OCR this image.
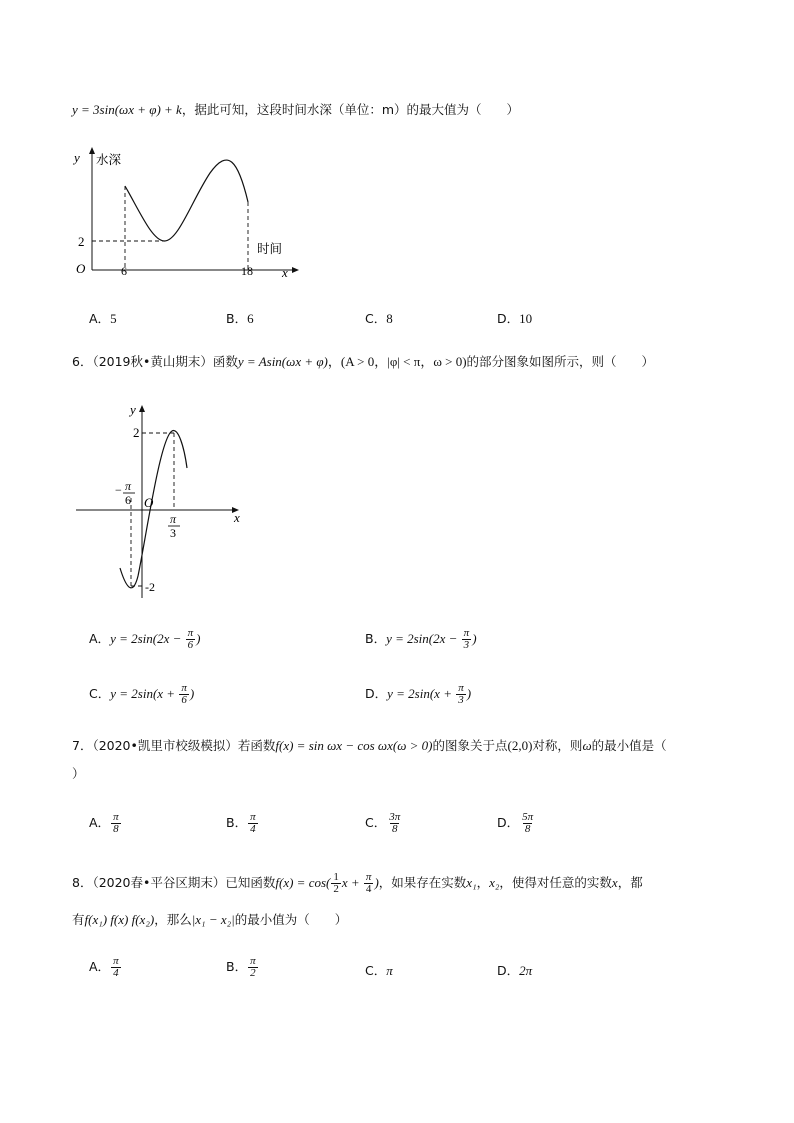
y = 3sin(ωx + φ) + k，据此可知，这段时间水深（单位：m）的最大值为（　　）
y 水深
O
2
6	18
时间
x
A．5	B．6	C．8	D．10
6．（2019秋•黄山期末）函数y = Asin(ωx + φ)，(A > 0，|φ| < π，ω > 0)的部分图象如图所示，则（　　）
y
2
-2
O
x
− π
6
π
3
A．$y = 2\sin(2x - \frac{\pi}{6}$ )	B．$y = 2\sin(2x - \frac{\pi}{3}$ )
C．$y = 2\sin(x + \frac{\pi}{6}$ )	D．$y = 2\sin(x + \frac{\pi}{3}$ )
7．（2020•凯里市校级模拟）若函数f(x) = sin ωx − cos ωx(ω > 0)的图象关于点(2,0)对称，则ω的最小值是（
）
A． $\frac{\pi}{8}$	B． $\frac{\pi}{4}$	C． $\frac{3\pi}{8}$	D． $\frac{5\pi}{8}$
8．（2020春•平谷区期末）已知函数$f(x) = \cos( \frac{1}{2}$ $x + \frac{\pi}{4}$ )，如果存在实数x₁，x₂，使得对任意的实数x，都
有f(x₁) f(x) f(x₂)，那么|x₁ − x₂|的最小值为（　　）
A． $\frac{\pi}{4}$	B． $\frac{\pi}{2}$	C．π	D．2π
